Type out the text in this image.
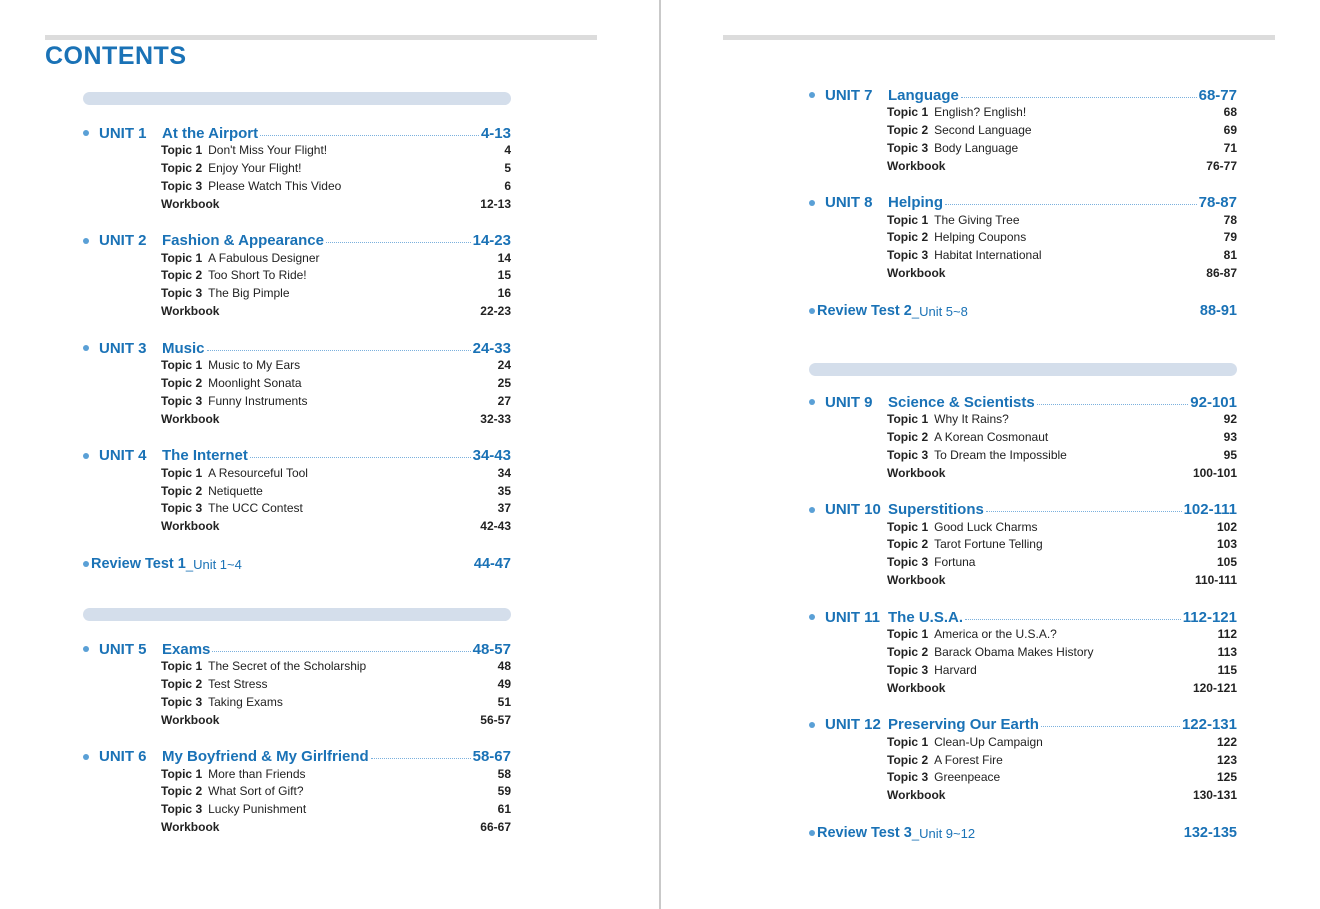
CONTENTS
UNIT 1	At the Airport	4-13
Topic 1 Don't Miss Your Flight!	4
Topic 2 Enjoy Your Flight!	5
Topic 3 Please Watch This Video	6
Workbook	12-13
UNIT 2	Fashion & Appearance	14-23
Topic 1 A Fabulous Designer	14
Topic 2 Too Short To Ride!	15
Topic 3 The Big Pimple	16
Workbook	22-23
UNIT 3	Music	24-33
Topic 1 Music to My Ears	24
Topic 2 Moonlight Sonata	25
Topic 3 Funny Instruments	27
Workbook	32-33
UNIT 4	The Internet	34-43
Topic 1 A Resourceful Tool	34
Topic 2 Netiquette	35
Topic 3 The UCC Contest	37
Workbook	42-43
Review Test 1 _Unit 1~4	44-47
UNIT 5	Exams	48-57
Topic 1 The Secret of the Scholarship	48
Topic 2 Test Stress	49
Topic 3 Taking Exams	51
Workbook	56-57
UNIT 6	My Boyfriend & My Girlfriend	58-67
Topic 1 More than Friends	58
Topic 2 What Sort of Gift?	59
Topic 3 Lucky Punishment	61
Workbook	66-67
UNIT 7	Language	68-77
Topic 1 English? English!	68
Topic 2 Second Language	69
Topic 3 Body Language	71
Workbook	76-77
UNIT 8	Helping	78-87
Topic 1 The Giving Tree	78
Topic 2 Helping Coupons	79
Topic 3 Habitat International	81
Workbook	86-87
Review Test 2 _Unit 5~8	88-91
UNIT 9	Science & Scientists	92-101
Topic 1 Why It Rains?	92
Topic 2 A Korean Cosmonaut	93
Topic 3 To Dream the Impossible	95
Workbook	100-101
UNIT 10 Superstitions	102-111
Topic 1 Good Luck Charms	102
Topic 2 Tarot Fortune Telling	103
Topic 3 Fortuna	105
Workbook	110-111
UNIT 11 The U.S.A.	112-121
Topic 1 America or the U.S.A.?	112
Topic 2 Barack Obama Makes History	113
Topic 3 Harvard	115
Workbook	120-121
UNIT 12 Preserving Our Earth	122-131
Topic 1 Clean-Up Campaign	122
Topic 2 A Forest Fire	123
Topic 3 Greenpeace	125
Workbook	130-131
Review Test 3 _Unit 9~12	132-135
